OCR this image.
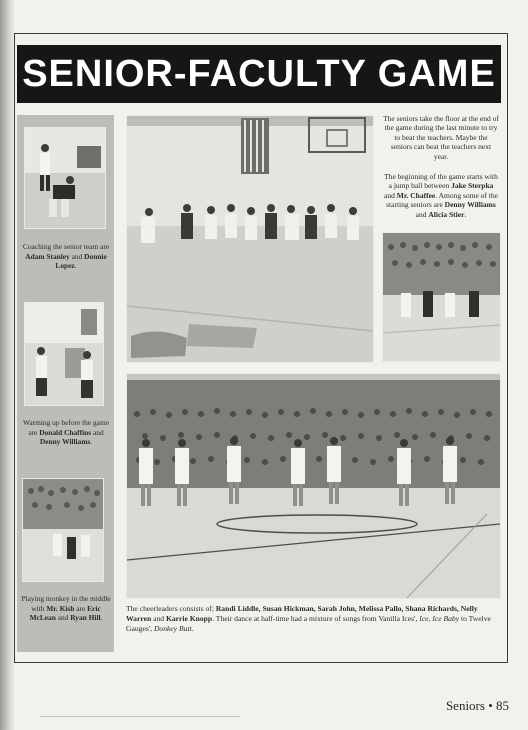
SENIOR-FACULTY GAME
Coaching the senior team are Adam Stanley and Donnie Lopez.
Warming up before the game are Donald Chaffins and Denny Williams.
Playing monkey in the middle with Mr. Kish are Eric McLean and Ryan Hill.
The seniors take the floor at the end of the game during the last minute to try to beat the teachers. Maybe the seniors can beat the teachers next year.
The beginning of the game starts with a jump ball between Jake Sterpka and Mr. Chaffee. Among some of the starting seniors are Denny Williams and Alicia Stier.
The cheerleaders consists of; Randi Liddle, Susan Hickman, Sarah John, Melissa Pallo, Shana Richards, Nelly Warren and Karrie Knopp. Their dance at half-time had a mixture of songs from Vanilla Ices', Ice, Ice Baby to Twelve Gauges', Donkey Butt.
Seniors • 85
